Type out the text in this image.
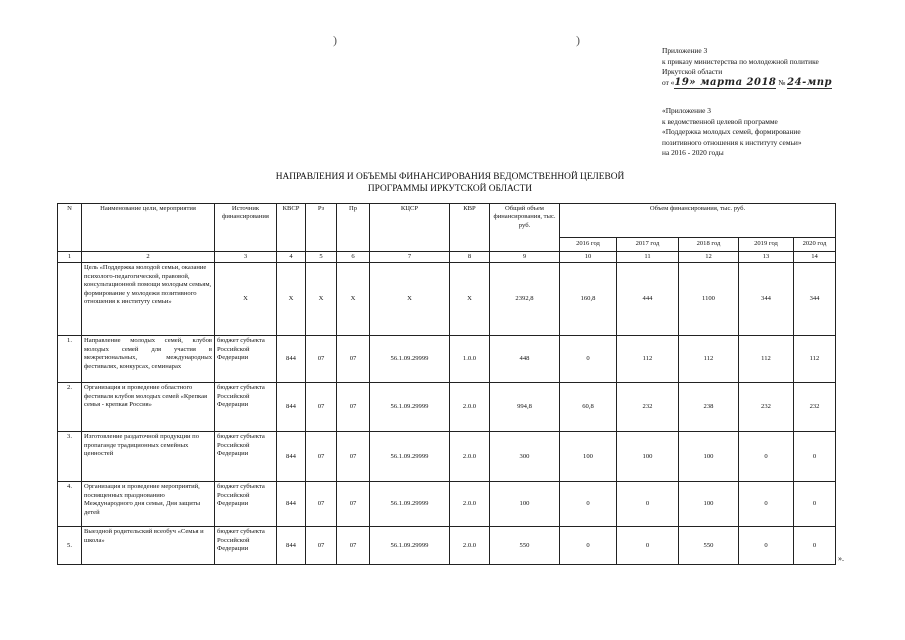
)	)
Приложение 3
к приказу министерства по молодежной политике
Иркутской области
от «19» марта 2018 № 24-мпр
«Приложение 3
к ведомственной целевой программе
«Поддержка молодых семей, формирование
позитивного отношения к институту семьи»
на 2016 - 2020 годы
НАПРАВЛЕНИЯ И ОБЪЕМЫ ФИНАНСИРОВАНИЯ ВЕДОМСТВЕННОЙ ЦЕЛЕВОЙ
ПРОГРАММЫ ИРКУТСКОЙ ОБЛАСТИ
N	Наименование цели, мероприятия	Источник финансирования	КВСР	Рз	Пр	КЦСР	КВР	Общий объем финансирования, тыс. руб.	Объем финансирования, тыс. руб.				
									2016 год	2017 год	2018 год	2019 год	2020 год
1	2	3	4	5	6	7	8	9	10	11	12	13	14
	Цель «Поддержка молодой семьи, оказание психолого-педагогической, правовой, консультационной помощи молодым семьям, формирование у молодежи позитивного отношения к институту семьи»	Х	Х	Х	Х	Х	Х	2392,8	160,8	444	1100	344	344
1.	Направление молодых семей, клубов молодых семей для участия в межрегиональных, международных фестивалях, конкурсах, семинарах	бюджет субъекта Российской Федерации	844	07	07	56.1.09.29999	1.0.0	448	0	112	112	112	112
2.	Организация и проведение областного фестиваля клубов молодых семей «Крепкая семья - крепкая Россия»	бюджет субъекта Российской Федерации	844	07	07	56.1.09.29999	2.0.0	994,8	60,8	232	238	232	232
3.	Изготовление раздаточной продукции по пропаганде традиционных семейных ценностей	бюджет субъекта Российской Федерации	844	07	07	56.1.09.29999	2.0.0	300	100	100	100	0	0
4.	Организация и проведение мероприятий, посвященных празднованию Международного дня семьи, Дня защиты детей	бюджет субъекта Российской Федерации	844	07	07	56.1.09.29999	2.0.0	100	0	0	100	0	0
5.	Выездной родительский всеобуч «Семья и школа»	бюджет субъекта Российской Федерации	844	07	07	56.1.09.29999	2.0.0	550	0	0	550	0	0
».
